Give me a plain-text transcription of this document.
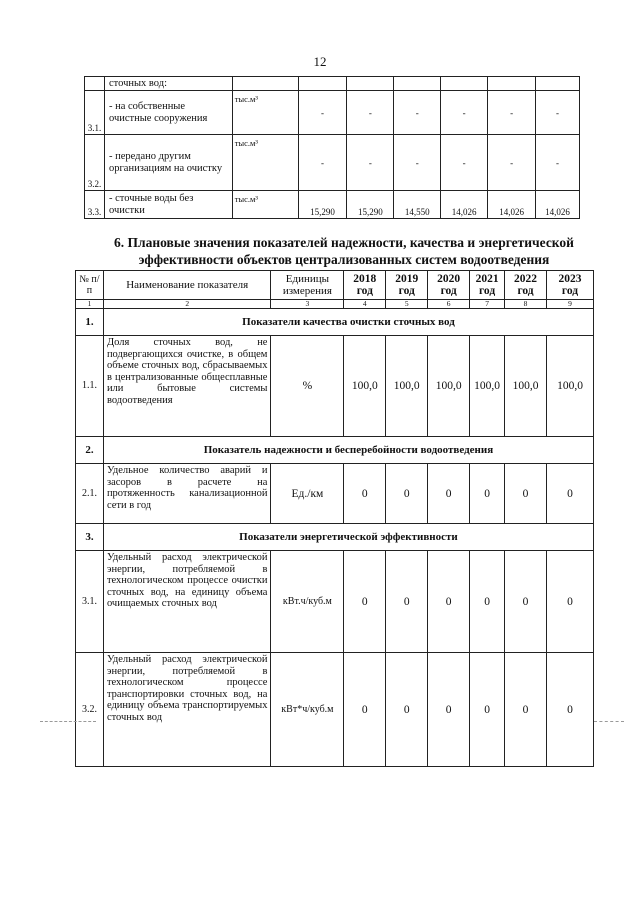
12
	сточных вод:							
3.1.	- на собственные очистные сооружения	тыс.м³	-	-	-	-	-	-
3.2.	- передано другим организациям на очистку	тыс.м³	-	-	-	-	-	-
3.3.	- сточные воды без очистки	тыс.м³	15,290	15,290	14,550	14,026	14,026	14,026
6. Плановые значения показателей надежности, качества и энергетической эффективности объектов централизованных систем водоотведения
№ п/п	Наименование показателя	Единицы измерения	2018 год	2019 год	2020 год	2021 год	2022 год	2023 год
1	2	3	4	5	6	7	8	9
1.	Показатели качества очистки сточных вод							
1.1.	Доля сточных вод, не подвергающихся очистке, в общем объеме сточных вод, сбрасываемых в централизованные общесплавные или бытовые системы водоотведения	%	100,0	100,0	100,0	100,0	100,0	100,0
2.	Показатель надежности и бесперебойности водоотведения							
2.1.	Удельное количество аварий и засоров в расчете на протяженность канализационной сети в год	Ед./км	0	0	0	0	0	0
3.	Показатели энергетической эффективности							
3.1.	Удельный расход электрической энергии, потребляемой в технологическом процессе очистки сточных вод, на единицу объема очищаемых сточных вод	кВт.ч/куб.м	0	0	0	0	0	0
3.2.	Удельный расход электрической энергии, потребляемой в технологическом процессе транспортировки сточных вод, на единицу объема транспортируемых сточных вод	кВт*ч/куб.м	0	0	0	0	0	0
